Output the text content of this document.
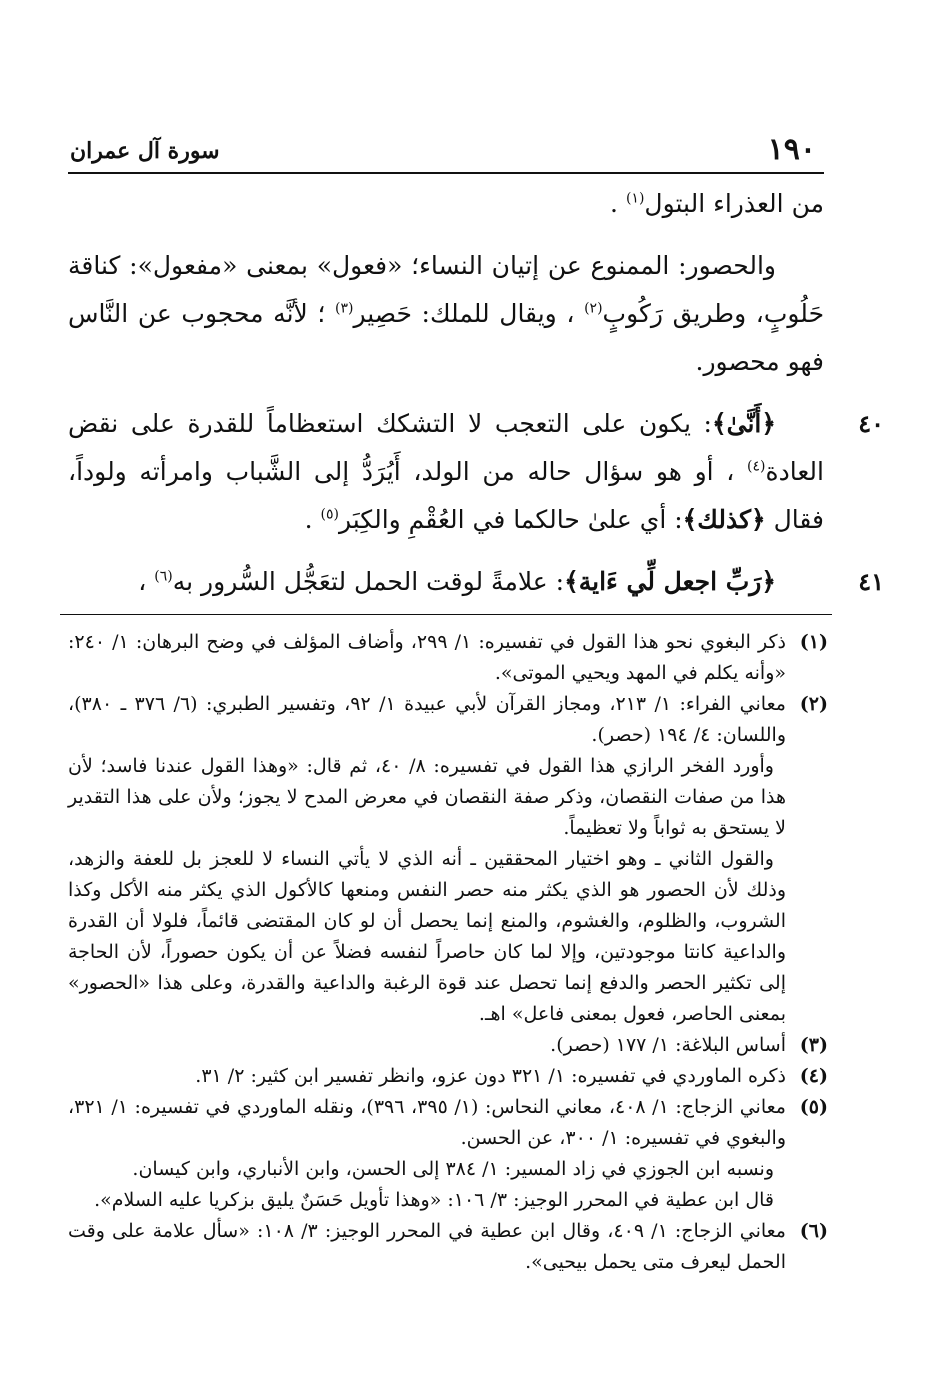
١٩٠
سورة آل عمران

من العذراء البتول$^{(١)}$ .

والحصور: الممنوع عن إتيان النساء؛ «فعول» بمعنى «مفعول»: كناقة حَلُوبٍ، وطريق رَكُوبٍ$^{(٢)}$ ، ويقال للملك: حَصِير$^{(٣)}$ ؛ لأنَّه محجوب عن النَّاس فهو محصور.

٤٠

﴿أَنَّىٰ﴾: يكون على التعجب لا التشكك استعظاماً للقدرة على نقض العادة$^{(٤)}$ ، أو هو سؤال حاله من الولد، أَيُرَدُّ إلى الشَّباب وامرأته ولوداً، فقال ﴿كذلك﴾: أي علىٰ حالكما في العُقْمِ والكِبَر$^{(٥)}$ .

٤١

﴿رَبِّ اجعل لِّي ءَاية﴾: علامةً لوقت الحمل لتعَجُّل السُّرور به$^{(٦)}$ ،

(١)
ذكر البغوي نحو هذا القول في تفسيره: ١/ ٢٩٩، وأضاف المؤلف في وضح البرهان: ١/ ٢٤٠: «وأنه يكلم في المهد ويحيي الموتى».

(٢)
معاني الفراء: ١/ ٢١٣، ومجاز القرآن لأبي عبيدة ١/ ٩٢، وتفسير الطبري: (٦/ ٣٧٦ ـ ٣٨٠)، واللسان: ٤/ ١٩٤ (حصر).

وأورد الفخر الرازي هذا القول في تفسيره: ٨/ ٤٠، ثم قال: «وهذا القول عندنا فاسد؛ لأن هذا من صفات النقصان، وذكر صفة النقصان في معرض المدح لا يجوز؛ ولأن على هذا التقدير لا يستحق به ثواباً ولا تعظيماً.

والقول الثاني ـ وهو اختيار المحققين ـ أنه الذي لا يأتي النساء لا للعجز بل للعفة والزهد، وذلك لأن الحصور هو الذي يكثر منه حصر النفس ومنعها كالأكول الذي يكثر منه الأكل وكذا الشروب، والظلوم، والغشوم، والمنع إنما يحصل أن لو كان المقتضى قائماً، فلولا أن القدرة والداعية كانتا موجودتين، وإلا لما كان حاصراً لنفسه فضلاً عن أن يكون حصوراً، لأن الحاجة إلى تكثير الحصر والدفع إنما تحصل عند قوة الرغبة والداعية والقدرة، وعلى هذا «الحصور» بمعنى الحاصر، فعول بمعنى فاعل» اهـ.

(٣)
أساس البلاغة: ١/ ١٧٧ (حصر).

(٤)
ذكره الماوردي في تفسيره: ١/ ٣٢١ دون عزو، وانظر تفسير ابن كثير: ٢/ ٣١.

(٥)
معاني الزجاج: ١/ ٤٠٨، معاني النحاس: (١/ ٣٩٥، ٣٩٦)، ونقله الماوردي في تفسيره: ١/ ٣٢١، والبغوي في تفسيره: ١/ ٣٠٠، عن الحسن.

ونسبه ابن الجوزي في زاد المسير: ١/ ٣٨٤ إلى الحسن، وابن الأنباري، وابن كيسان.

قال ابن عطية في المحرر الوجيز: ٣/ ١٠٦: «وهذا تأويل حَسَنٌ يليق بزكريا عليه السلام».

(٦)
معاني الزجاج: ١/ ٤٠٩، وقال ابن عطية في المحرر الوجيز: ٣/ ١٠٨: «سأل علامة على وقت الحمل ليعرف متى يحمل بيحيى».
